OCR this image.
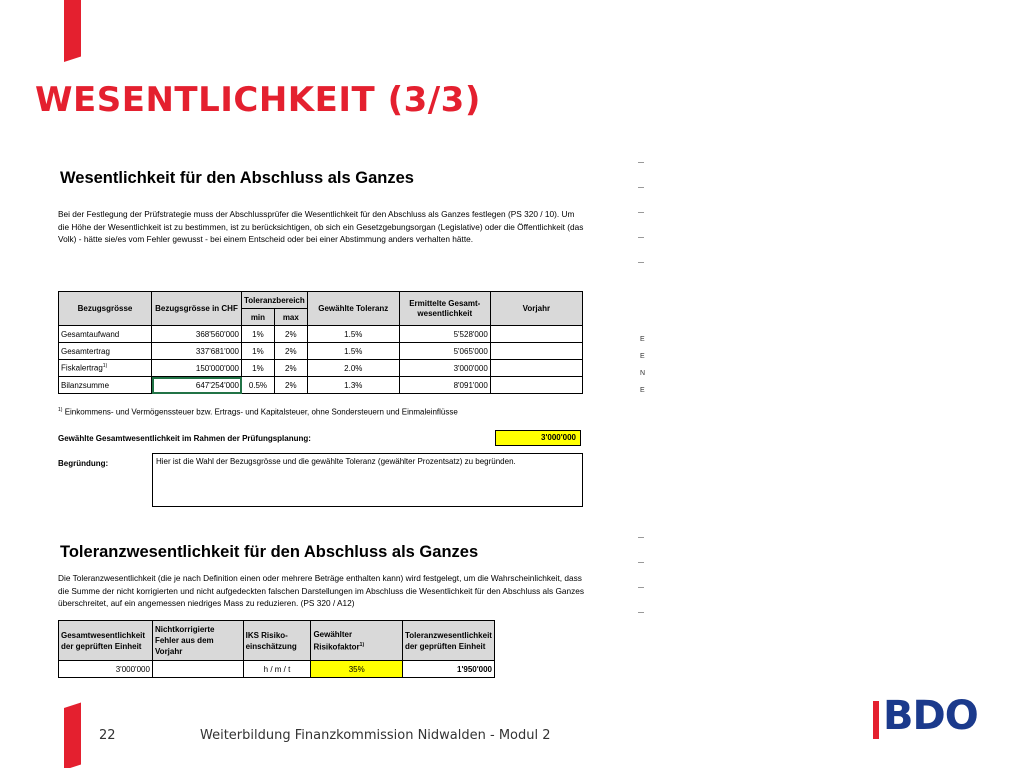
WESENTLICHKEIT (3/3)
Wesentlichkeit für den Abschluss als Ganzes
Bei der Festlegung der Prüfstrategie muss der Abschlussprüfer die Wesentlichkeit für den Abschluss als Ganzes festlegen (PS 320 / 10). Um die Höhe der Wesentlichkeit ist zu bestimmen, ist zu berücksichtigen, ob sich ein Gesetzgebungsorgan (Legislative) oder die Öffentlichkeit (das Volk) - hätte sie/es vom Fehler gewusst - bei einem Entscheid oder bei einer Abstimmung anders verhalten hätte.
Bezugsgrösse	Bezugsgrösse in CHF	Toleranzbereich		Gewählte Toleranz	Ermittelte Gesamt-wesentlichkeit	Vorjahr
		min	max			
Gesamtaufwand	368'560'000	1%	2%	1.5%	5'528'000	
Gesamtertrag	337'681'000	1%	2%	1.5%	5'065'000	
Fiskalertrag$^{1)}$	150'000'000	1%	2%	2.0%	3'000'000	
Bilanzsumme	647'254'000	0.5%	2%	1.3%	8'091'000	
E
E
N
E
$^{1)}$ Einkommens- und Vermögenssteuer bzw. Ertrags- und Kapitalsteuer, ohne Sondersteuern und Einmaleinflüsse
Gewählte Gesamtwesentlichkeit im Rahmen der Prüfungsplanung:	3'000'000
Begründung:	Hier ist die Wahl der Bezugsgrösse und die gewählte Toleranz (gewählter Prozentsatz) zu begründen.
Toleranzwesentlichkeit für den Abschluss als Ganzes
Die Toleranzwesentlichkeit (die je nach Definition einen oder mehrere Beträge enthalten kann) wird festgelegt, um die Wahrscheinlichkeit, dass die Summe der nicht korrigierten und nicht aufgedeckten falschen Darstellungen im Abschluss die Wesentlichkeit für den Abschluss als Ganzes überschreitet, auf ein angemessen niedriges Mass zu reduzieren. (PS 320 / A12)
Gesamtwesentlichkeit der geprüften Einheit	Nichtkorrigierte Fehler aus dem Vorjahr	IKS Risiko-einschätzung	Gewählter Risikofaktor$^{1)}$	Toleranzwesentlichkeit der geprüften Einheit
3'000'000		h / m / t	35%	1'950'000
22	Weiterbildung Finanzkommission Nidwalden - Modul 2	BDO
